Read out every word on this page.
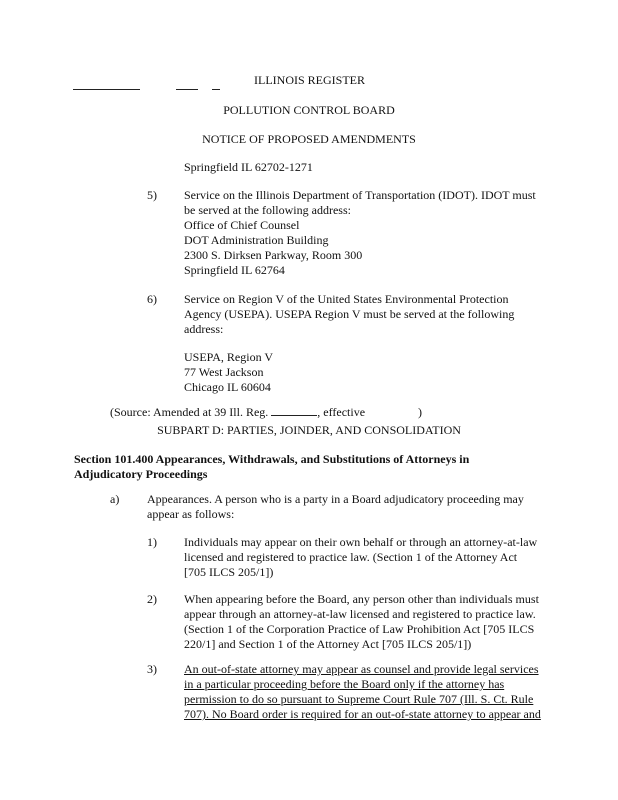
ILLINOIS REGISTER
POLLUTION CONTROL BOARD
NOTICE OF PROPOSED AMENDMENTS
Springfield IL 62702-1271
5) Service on the Illinois Department of Transportation (IDOT). IDOT must
be served at the following address:
Office of Chief Counsel
DOT Administration Building
2300 S. Dirksen Parkway, Room 300
Springfield IL 62764
6) Service on Region V of the United States Environmental Protection
Agency (USEPA). USEPA Region V must be served at the following
address:
USEPA, Region V
77 West Jackson
Chicago IL 60604
(Source: Amended at 39 Ill. Reg.	, effective	)
SUBPART D: PARTIES, JOINDER, AND CONSOLIDATION
Section 101.400 Appearances, Withdrawals, and Substitutions of Attorneys in
Adjudicatory Proceedings
a) Appearances. A person who is a party in a Board adjudicatory proceeding may
appear as follows:
1) Individuals may appear on their own behalf or through an attorney-at-law
licensed and registered to practice law. (Section 1 of the Attorney Act
[705 ILCS 205/1])
2) When appearing before the Board, any person other than individuals must
appear through an attorney-at-law licensed and registered to practice law.
(Section 1 of the Corporation Practice of Law Prohibition Act [705 ILCS
220/1] and Section 1 of the Attorney Act [705 ILCS 205/1])
3) An out-of-state attorney may appear as counsel and provide legal services
in a particular proceeding before the Board only if the attorney has
permission to do so pursuant to Supreme Court Rule 707 (Ill. S. Ct. Rule
707). No Board order is required for an out-of-state attorney to appear and
